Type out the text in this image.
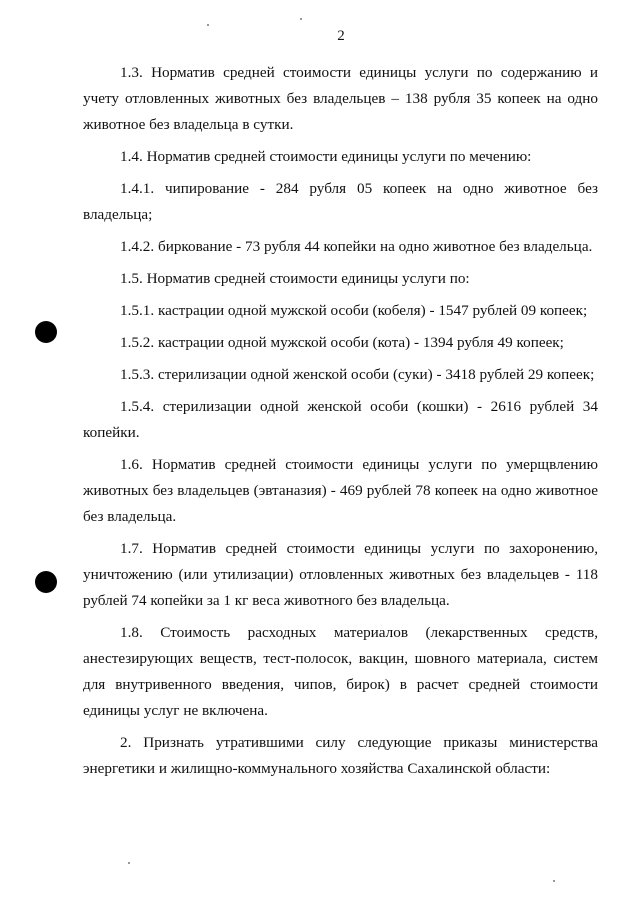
2

1.3. Норматив средней стоимости единицы услуги по содержанию и учету отловленных животных без владельцев – 138 рубля 35 копеек на одно животное без владельца в сутки.

1.4. Норматив средней стоимости единицы услуги по мечению:

1.4.1. чипирование - 284 рубля 05 копеек на одно животное без владельца;

1.4.2. биркование - 73 рубля 44 копейки на одно животное без владельца.

1.5. Норматив средней стоимости единицы услуги по:

1.5.1. кастрации одной мужской особи (кобеля) - 1547 рублей 09 копеек;

1.5.2. кастрации одной мужской особи (кота) - 1394 рубля 49 копеек;

1.5.3. стерилизации одной женской особи (суки) - 3418 рублей 29 копеек;

1.5.4. стерилизации одной женской особи (кошки) - 2616 рублей 34 копейки.

1.6. Норматив средней стоимости единицы услуги по умерщвлению животных без владельцев (эвтаназия) - 469 рублей 78 копеек на одно животное без владельца.

1.7. Норматив средней стоимости единицы услуги по захоронению, уничтожению (или утилизации) отловленных животных без владельцев - 118 рублей 74 копейки за 1 кг веса животного без владельца.

1.8. Стоимость расходных материалов (лекарственных средств, анестезирующих веществ, тест-полосок, вакцин, шовного материала, систем для внутривенного введения, чипов, бирок) в расчет средней стоимости единицы услуг не включена.

2. Признать утратившими силу следующие приказы министерства энергетики и жилищно-коммунального хозяйства Сахалинской области:
